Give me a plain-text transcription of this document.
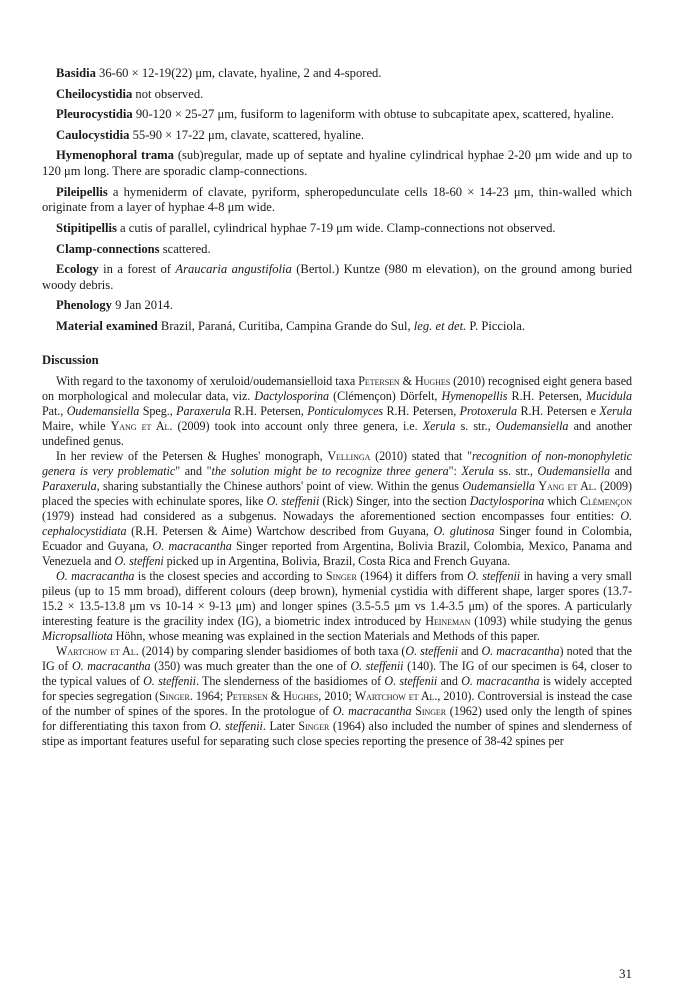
Basidia 36-60 × 12-19(22) μm, clavate, hyaline, 2 and 4-spored.

Cheilocystidia not observed.

Pleurocystidia 90-120 × 25-27 μm, fusiform to lageniform with obtuse to subcapitate apex, scattered, hyaline.

Caulocystidia 55-90 × 17-22 μm, clavate, scattered, hyaline.

Hymenophoral trama (sub)regular, made up of septate and hyaline cylindrical hyphae 2-20 μm wide and up to 120 μm long. There are sporadic clamp-connections.

Pileipellis a hymeniderm of clavate, pyriform, spheropedunculate cells 18-60 × 14-23 μm, thin-walled which originate from a layer of hyphae 4-8 μm wide.

Stipitipellis a cutis of parallel, cylindrical hyphae 7-19 μm wide. Clamp-connections not observed.

Clamp-connections scattered.

Ecology in a forest of Araucaria angustifolia (Bertol.) Kuntze (980 m elevation), on the ground among buried woody debris.

Phenology 9 Jan 2014.

Material examined Brazil, Paraná, Curitiba, Campina Grande do Sul, leg. et det. P. Picciola.

Discussion

With regard to the taxonomy of xeruloid/oudemansielloid taxa Petersen & Hughes (2010) recognised eight genera based on morphological and molecular data, viz. Dactylosporina (Clémençon) Dörfelt, Hymenopellis R.H. Petersen, Mucidula Pat., Oudemansiella Speg., Paraxerula R.H. Petersen, Ponticulomyces R.H. Petersen, Protoxerula R.H. Petersen e Xerula Maire, while Yang et Al. (2009) took into account only three genera, i.e. Xerula s. str., Oudemansiella and another undefined genus.

In her review of the Petersen & Hughes' monograph, Vellinga (2010) stated that "recognition of non-monophyletic genera is very problematic" and "the solution might be to recognize three genera": Xerula ss. str., Oudemansiella and Paraxerula, sharing substantially the Chinese authors' point of view. Within the genus Oudemansiella Yang et Al. (2009) placed the species with echinulate spores, like O. steffenii (Rick) Singer, into the section Dactylosporina which Clémençon (1979) instead had considered as a subgenus. Nowadays the aforementioned section encompasses four entities: O. cephalocystidiata (R.H. Petersen & Aime) Wartchow described from Guyana, O. glutinosa Singer found in Colombia, Ecuador and Guyana, O. macracantha Singer reported from Argentina, Bolivia Brazil, Colombia, Mexico, Panama and Venezuela and O. steffeni picked up in Argentina, Bolivia, Brazil, Costa Rica and French Guyana.

O. macracantha is the closest species and according to Singer (1964) it differs from O. steffenii in having a very small pileus (up to 15 mm broad), different colours (deep brown), hymenial cystidia with different shape, larger spores (13.7-15.2 × 13.5-13.8 μm vs 10-14 × 9-13 μm) and longer spines (3.5-5.5 μm vs 1.4-3.5 μm) of the spores. A particularly interesting feature is the gracility index (IG), a biometric index introduced by Heineman (1093) while studying the genus Micropsalliota Höhn, whose meaning was explained in the section Materials and Methods of this paper.

Wartchow et Al. (2014) by comparing slender basidiomes of both taxa (O. steffenii and O. macracantha) noted that the IG of O. macracantha (350) was much greater than the one of O. steffenii (140). The IG of our specimen is 64, closer to the typical values of O. steffenii. The slenderness of the basidiomes of O. steffenii and O. macracantha is widely accepted for species segregation (Singer. 1964; Petersen & Hughes, 2010; Wartchow et Al., 2010). Controversial is instead the case of the number of spines of the spores. In the protologue of O. macracantha Singer (1962) used only the length of spines for differentiating this taxon from O. steffenii. Later Singer (1964) also included the number of spines and slenderness of stipe as important features useful for separating such close species reporting the presence of 38-42 spines per

31
